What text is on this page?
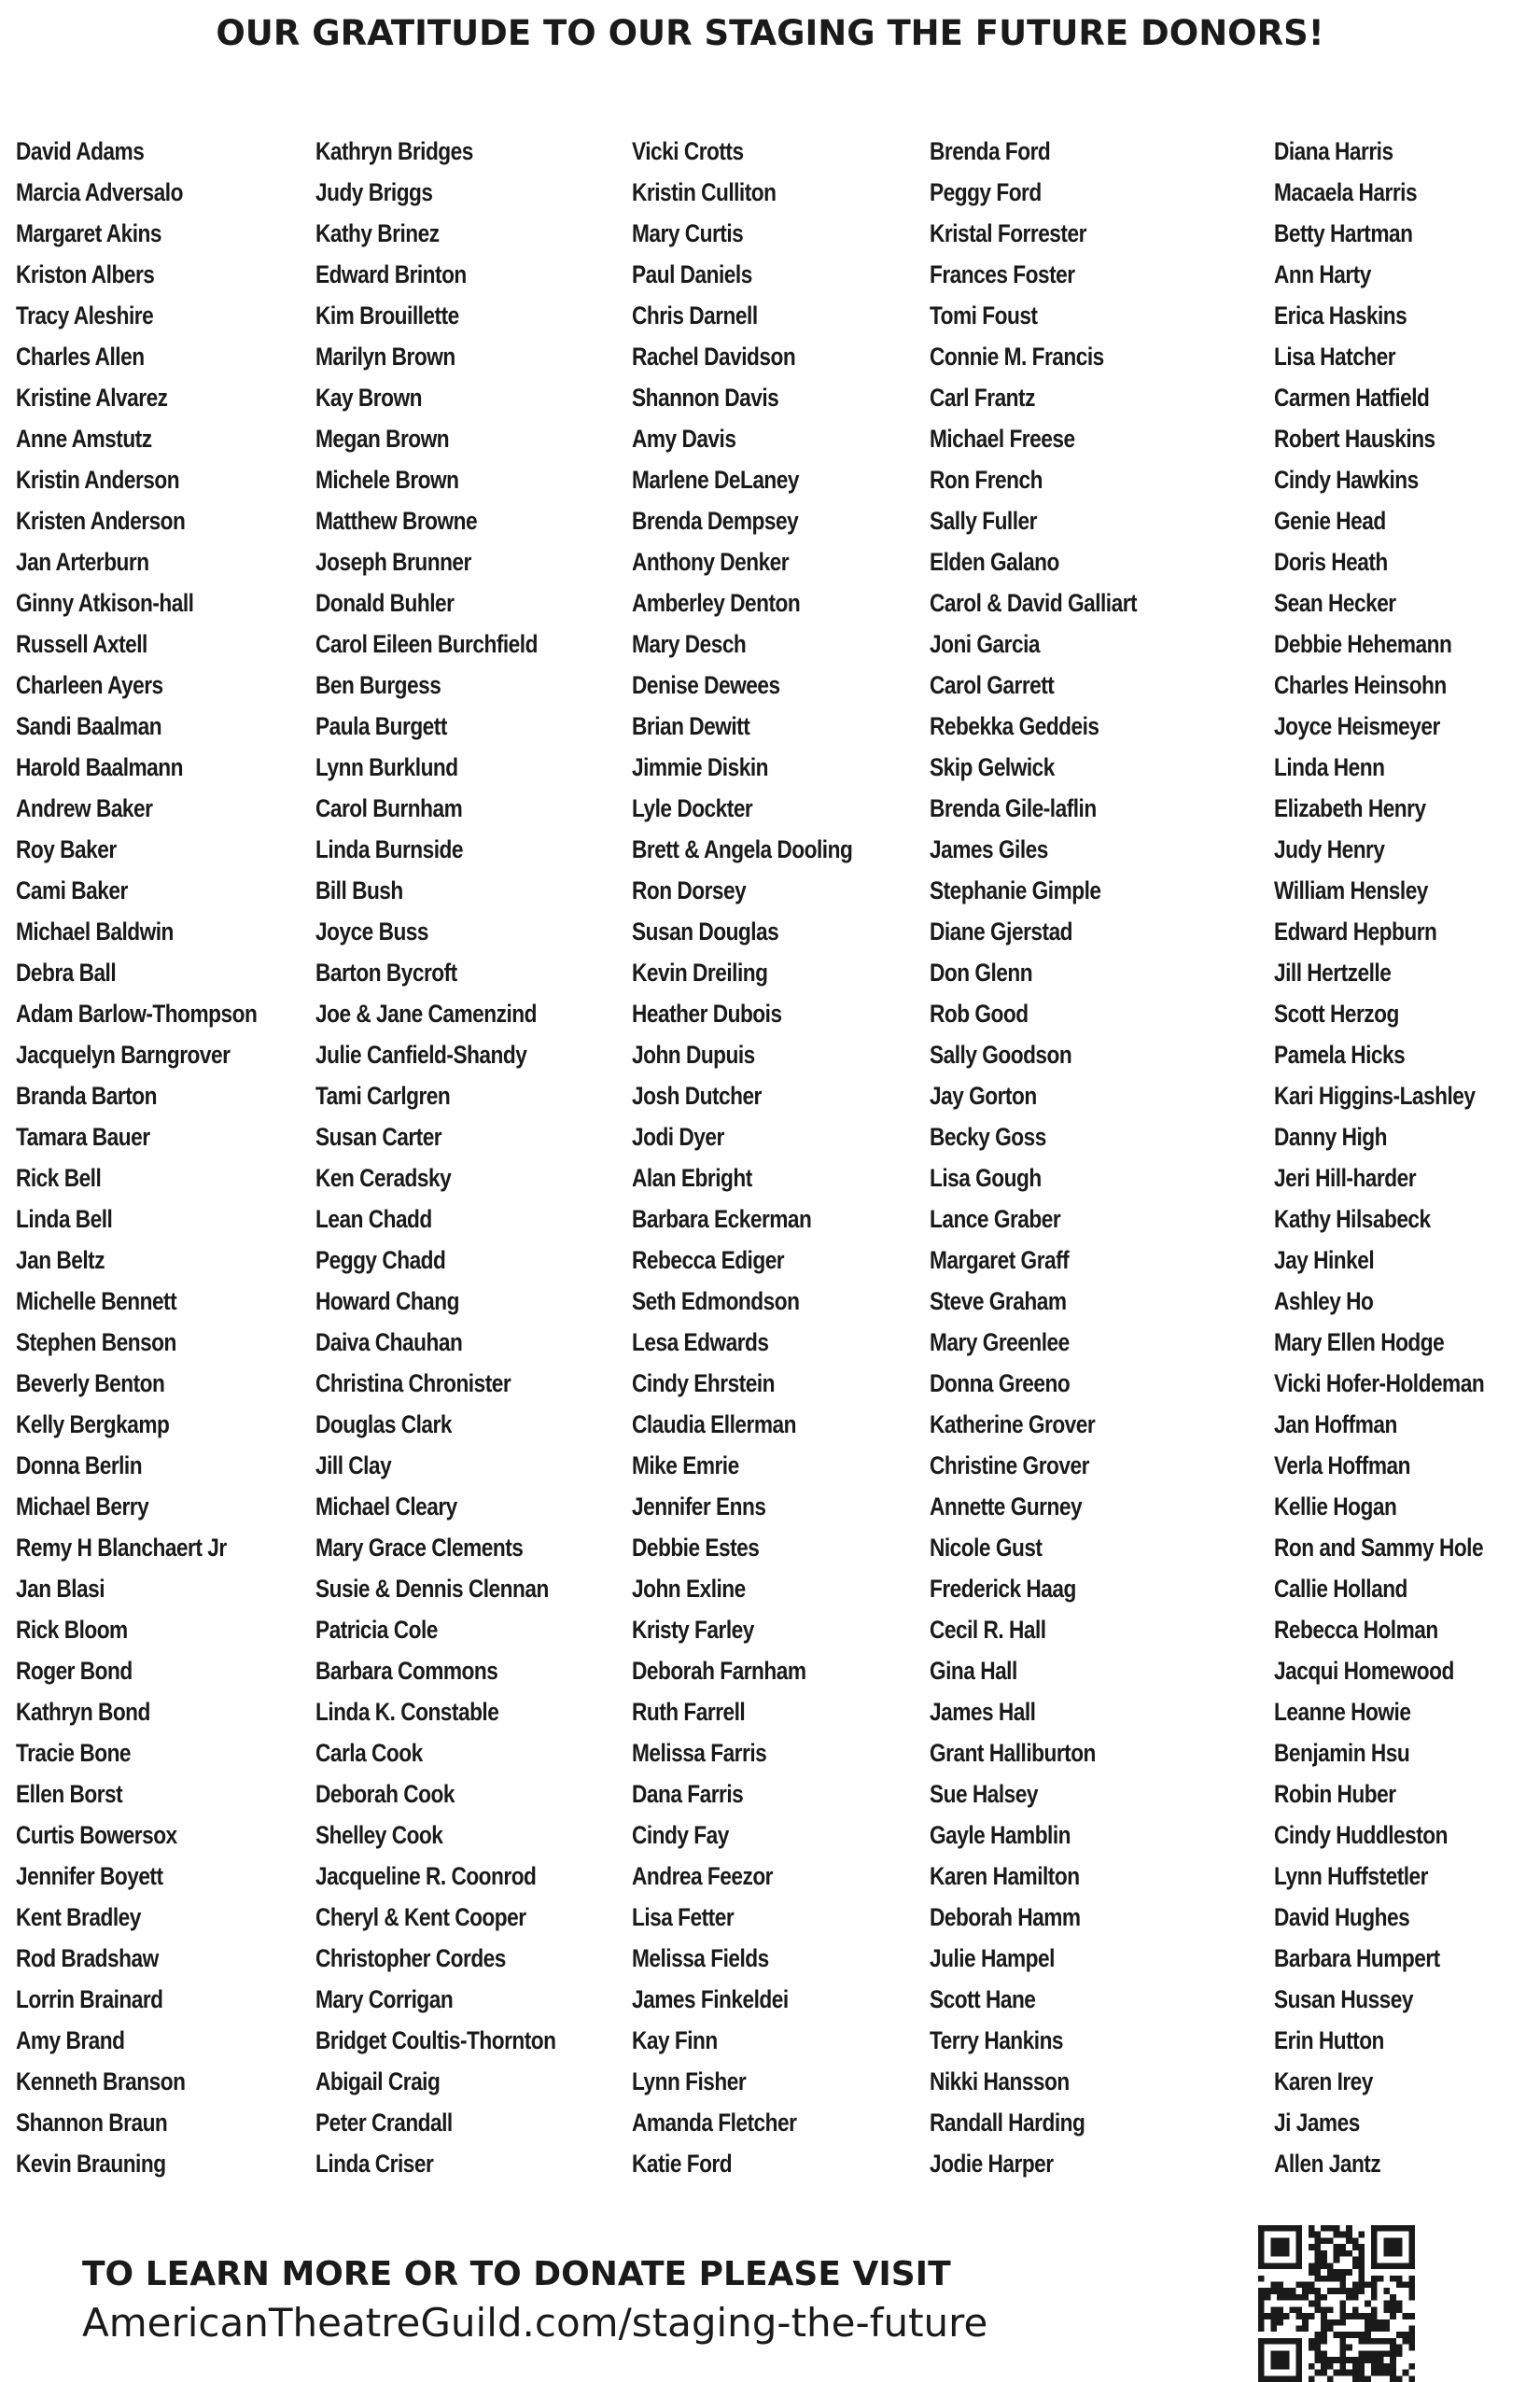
OUR GRATITUDE TO OUR STAGING THE FUTURE DONORS!
David Adams
Marcia Adversalo
Margaret Akins
Kriston Albers
Tracy Aleshire
Charles Allen
Kristine Alvarez
Anne Amstutz
Kristin Anderson
Kristen Anderson
Jan Arterburn
Ginny Atkison-hall
Russell Axtell
Charleen Ayers
Sandi Baalman
Harold Baalmann
Andrew Baker
Roy Baker
Cami Baker
Michael Baldwin
Debra Ball
Adam Barlow-Thompson
Jacquelyn Barngrover
Branda Barton
Tamara Bauer
Rick Bell
Linda Bell
Jan Beltz
Michelle Bennett
Stephen Benson
Beverly Benton
Kelly Bergkamp
Donna Berlin
Michael Berry
Remy H Blanchaert Jr
Jan Blasi
Rick Bloom
Roger Bond
Kathryn Bond
Tracie Bone
Ellen Borst
Curtis Bowersox
Jennifer Boyett
Kent Bradley
Rod Bradshaw
Lorrin Brainard
Amy Brand
Kenneth Branson
Shannon Braun
Kevin Brauning
Kathryn Bridges
Judy Briggs
Kathy Brinez
Edward Brinton
Kim Brouillette
Marilyn Brown
Kay Brown
Megan Brown
Michele Brown
Matthew Browne
Joseph Brunner
Donald Buhler
Carol Eileen Burchfield
Ben Burgess
Paula Burgett
Lynn Burklund
Carol Burnham
Linda Burnside
Bill Bush
Joyce Buss
Barton Bycroft
Joe & Jane Camenzind
Julie Canfield-Shandy
Tami Carlgren
Susan Carter
Ken Ceradsky
Lean Chadd
Peggy Chadd
Howard Chang
Daiva Chauhan
Christina Chronister
Douglas Clark
Jill Clay
Michael Cleary
Mary Grace Clements
Susie & Dennis Clennan
Patricia Cole
Barbara Commons
Linda K. Constable
Carla Cook
Deborah Cook
Shelley Cook
Jacqueline R. Coonrod
Cheryl & Kent Cooper
Christopher Cordes
Mary Corrigan
Bridget Coultis-Thornton
Abigail Craig
Peter Crandall
Linda Criser
Vicki Crotts
Kristin Culliton
Mary Curtis
Paul Daniels
Chris Darnell
Rachel Davidson
Shannon Davis
Amy Davis
Marlene DeLaney
Brenda Dempsey
Anthony Denker
Amberley Denton
Mary Desch
Denise Dewees
Brian Dewitt
Jimmie Diskin
Lyle Dockter
Brett & Angela Dooling
Ron Dorsey
Susan Douglas
Kevin Dreiling
Heather Dubois
John Dupuis
Josh Dutcher
Jodi Dyer
Alan Ebright
Barbara Eckerman
Rebecca Ediger
Seth Edmondson
Lesa Edwards
Cindy Ehrstein
Claudia Ellerman
Mike Emrie
Jennifer Enns
Debbie Estes
John Exline
Kristy Farley
Deborah Farnham
Ruth Farrell
Melissa Farris
Dana Farris
Cindy Fay
Andrea Feezor
Lisa Fetter
Melissa Fields
James Finkeldei
Kay Finn
Lynn Fisher
Amanda Fletcher
Katie Ford
Brenda Ford
Peggy Ford
Kristal Forrester
Frances Foster
Tomi Foust
Connie M. Francis
Carl Frantz
Michael Freese
Ron French
Sally Fuller
Elden Galano
Carol & David Galliart
Joni Garcia
Carol Garrett
Rebekka Geddeis
Skip Gelwick
Brenda Gile-laflin
James Giles
Stephanie Gimple
Diane Gjerstad
Don Glenn
Rob Good
Sally Goodson
Jay Gorton
Becky Goss
Lisa Gough
Lance Graber
Margaret Graff
Steve Graham
Mary Greenlee
Donna Greeno
Katherine Grover
Christine Grover
Annette Gurney
Nicole Gust
Frederick Haag
Cecil R. Hall
Gina Hall
James Hall
Grant Halliburton
Sue Halsey
Gayle Hamblin
Karen Hamilton
Deborah Hamm
Julie Hampel
Scott Hane
Terry Hankins
Nikki Hansson
Randall Harding
Jodie Harper
Diana Harris
Macaela Harris
Betty Hartman
Ann Harty
Erica Haskins
Lisa Hatcher
Carmen Hatfield
Robert Hauskins
Cindy Hawkins
Genie Head
Doris Heath
Sean Hecker
Debbie Hehemann
Charles Heinsohn
Joyce Heismeyer
Linda Henn
Elizabeth Henry
Judy Henry
William Hensley
Edward Hepburn
Jill Hertzelle
Scott Herzog
Pamela Hicks
Kari Higgins-Lashley
Danny High
Jeri Hill-harder
Kathy Hilsabeck
Jay Hinkel
Ashley Ho
Mary Ellen Hodge
Vicki Hofer-Holdeman
Jan Hoffman
Verla Hoffman
Kellie Hogan
Ron and Sammy Hole
Callie Holland
Rebecca Holman
Jacqui Homewood
Leanne Howie
Benjamin Hsu
Robin Huber
Cindy Huddleston
Lynn Huffstetler
David Hughes
Barbara Humpert
Susan Hussey
Erin Hutton
Karen Irey
Ji James
Allen Jantz
TO LEARN MORE OR TO DONATE PLEASE VISIT
AmericanTheatreGuild.com/staging-the-future
